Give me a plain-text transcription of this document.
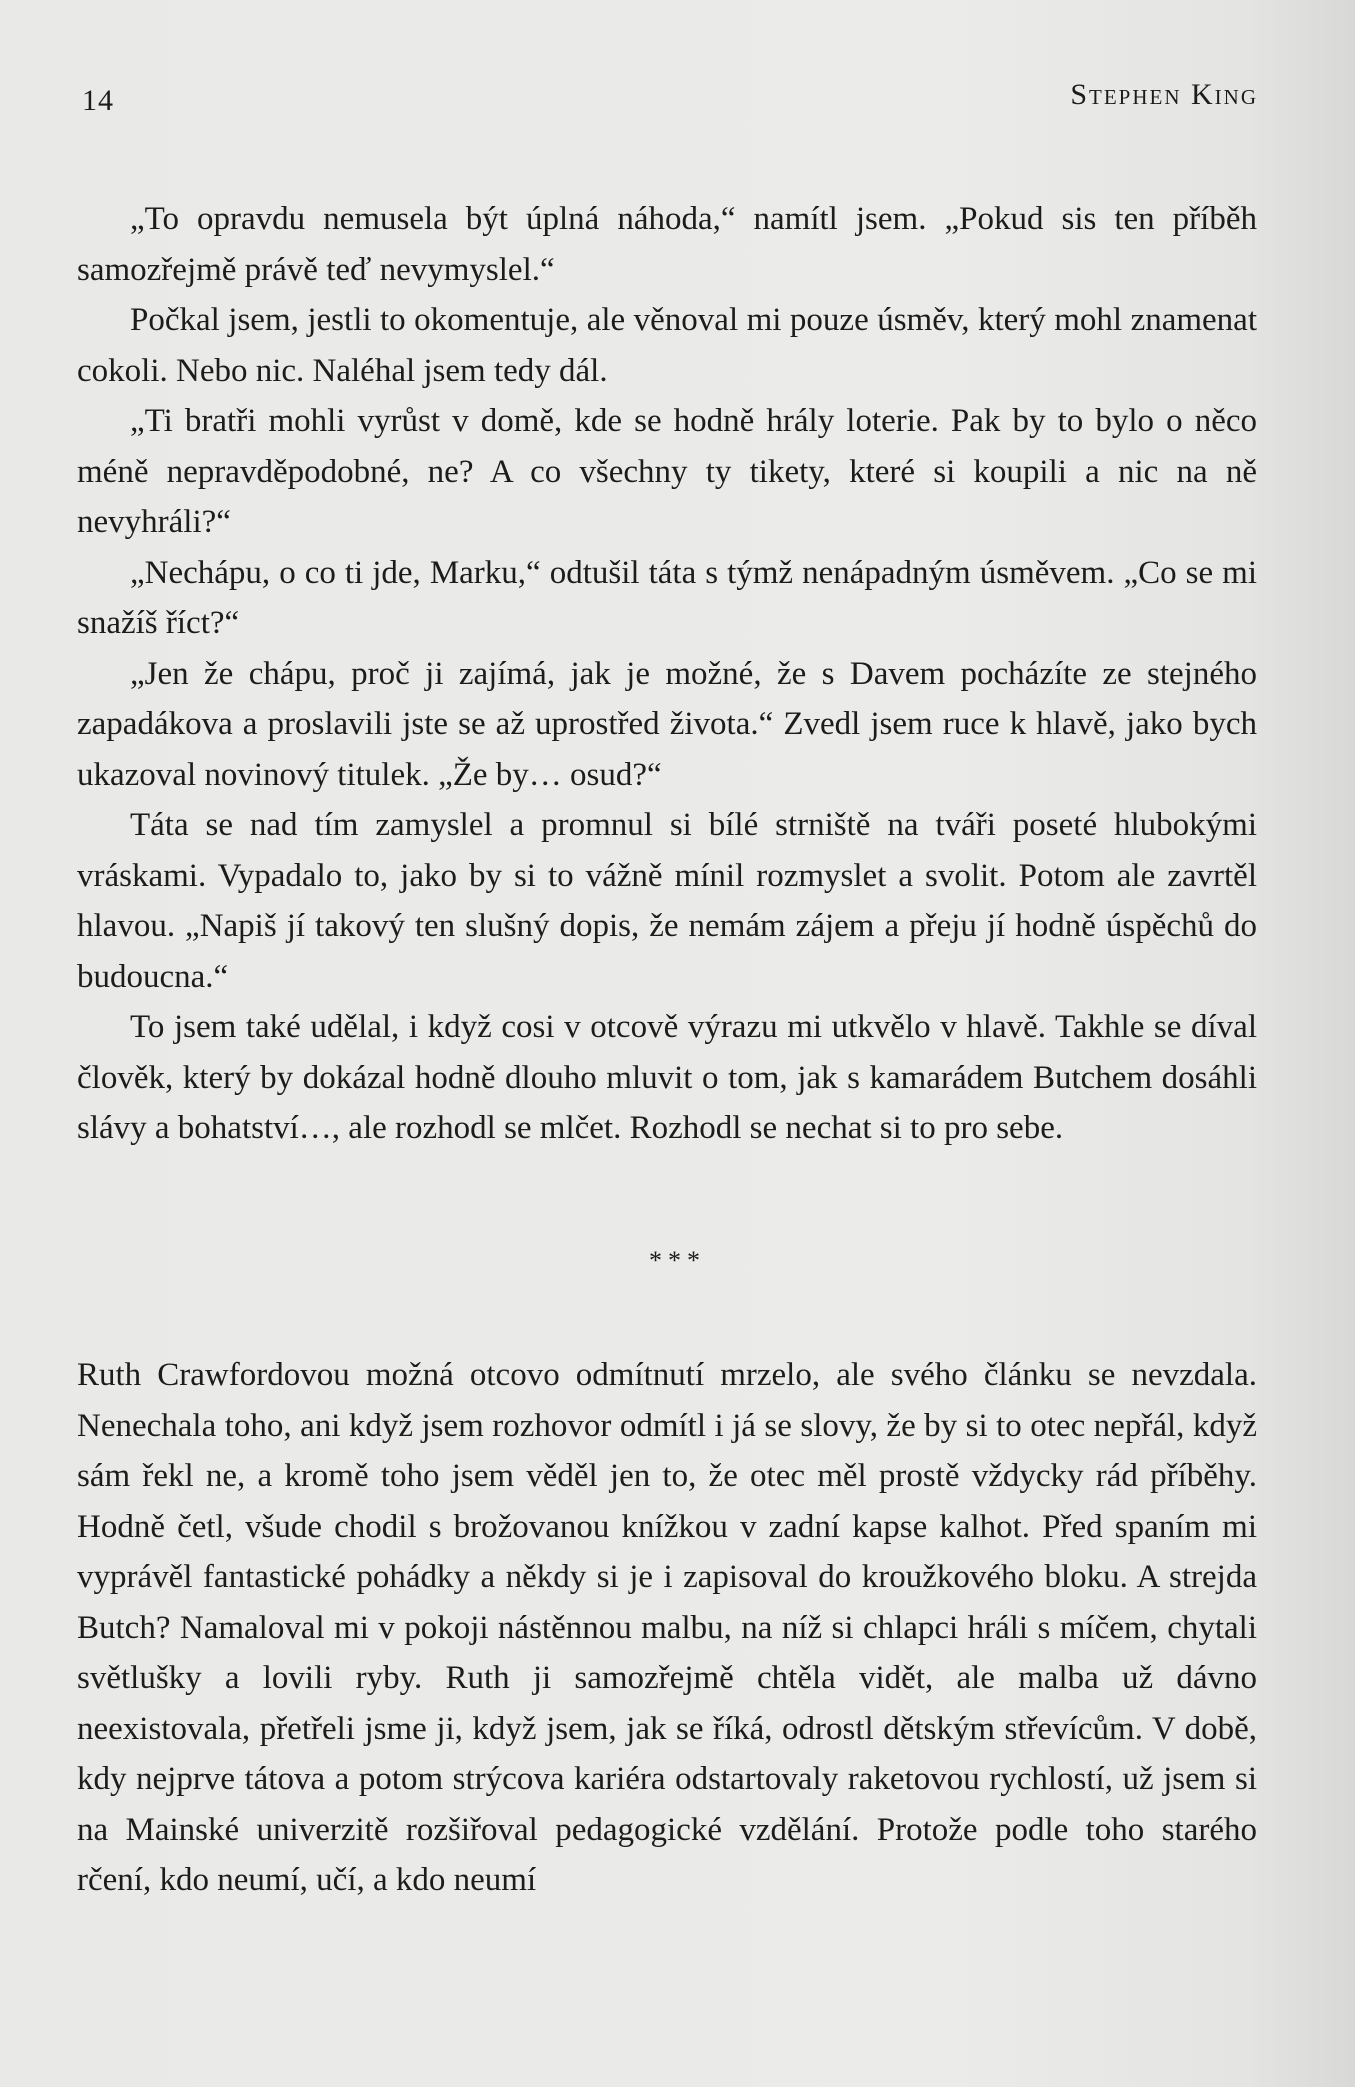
14	Stephen King

„To opravdu nemusela být úplná náhoda,“ namítl jsem. „Pokud sis ten příběh samozřejmě právě teď nevymyslel.“

Počkal jsem, jestli to okomentuje, ale věnoval mi pouze úsměv, který mohl znamenat cokoli. Nebo nic. Naléhal jsem tedy dál.

„Ti bratři mohli vyrůst v domě, kde se hodně hrály loterie. Pak by to bylo o něco méně nepravděpodobné, ne? A co všechny ty tikety, které si koupili a nic na ně nevyhráli?“

„Nechápu, o co ti jde, Marku,“ odtušil táta s týmž nenápadným úsměvem. „Co se mi snažíš říct?“

„Jen že chápu, proč ji zajímá, jak je možné, že s Davem pocházíte ze stejného zapadákova a proslavili jste se až uprostřed života.“ Zvedl jsem ruce k hlavě, jako bych ukazoval novinový titulek. „Že by… osud?“

Táta se nad tím zamyslel a promnul si bílé strniště na tváři poseté hlubokými vráskami. Vypadalo to, jako by si to vážně mínil rozmyslet a svolit. Potom ale zavrtěl hlavou. „Napiš jí takový ten slušný dopis, že nemám zájem a přeju jí hodně úspěchů do budoucna.“

To jsem také udělal, i když cosi v otcově výrazu mi utkvělo v hlavě. Takhle se díval člověk, který by dokázal hodně dlouho mluvit o tom, jak s kamarádem Butchem dosáhli slávy a bohatství…, ale rozhodl se mlčet. Rozhodl se nechat si to pro sebe.

***

Ruth Crawfordovou možná otcovo odmítnutí mrzelo, ale svého článku se nevzdala. Nenechala toho, ani když jsem rozhovor odmítl i já se slovy, že by si to otec nepřál, když sám řekl ne, a kromě toho jsem věděl jen to, že otec měl prostě vždycky rád příběhy. Hodně četl, všude chodil s brožovanou knížkou v zadní kapse kalhot. Před spaním mi vyprávěl fantastické pohádky a někdy si je i zapisoval do kroužkového bloku. A strejda Butch? Namaloval mi v pokoji nástěnnou malbu, na níž si chlapci hráli s míčem, chytali světlušky a lovili ryby. Ruth ji samozřejmě chtěla vidět, ale malba už dávno neexistovala, přetřeli jsme ji, když jsem, jak se říká, odrostl dětským střevícům. V době, kdy nejprve tátova a potom strýcova kariéra odstartovaly raketovou rychlostí, už jsem si na Mainské univerzitě rozšiřoval pedagogické vzdělání. Protože podle toho starého rčení, kdo neumí, učí, a kdo neumí
